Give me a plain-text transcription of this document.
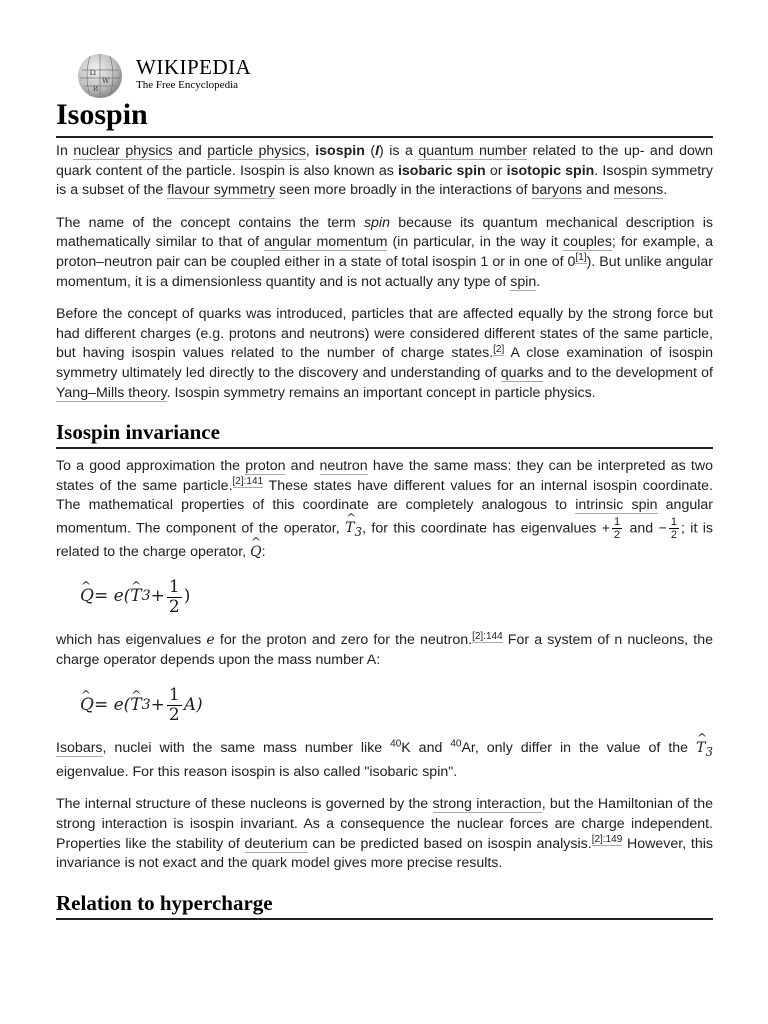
Ω
W
И
WIKIPEDIA
The Free Encyclopedia
Isospin

In nuclear physics and particle physics, isospin (I) is a quantum number related to the up- and down quark content of the particle. Isospin is also known as isobaric spin or isotopic spin. Isospin symmetry is a subset of the flavour symmetry seen more broadly in the interactions of baryons and mesons.

The name of the concept contains the term spin because its quantum mechanical description is mathematically similar to that of angular momentum (in particular, in the way it couples; for example, a proton–neutron pair can be coupled either in a state of total isospin 1 or in one of 0[1]). But unlike angular momentum, it is a dimensionless quantity and is not actually any type of spin.

Before the concept of quarks was introduced, particles that are affected equally by the strong force but had different charges (e.g. protons and neutrons) were considered different states of the same particle, but having isospin values related to the number of charge states.[2] A close examination of isospin symmetry ultimately led directly to the discovery and understanding of quarks and to the development of Yang–Mills theory. Isospin symmetry remains an important concept in particle physics.

Isospin invariance

To a good approximation the proton and neutron have the same mass: they can be interpreted as two states of the same particle.$^{[2]:141}$ These states have different values for an internal isospin coordinate. The mathematical properties of this coordinate are completely analogous to intrinsic spin angular momentum. The component of the operator, ^ $T_3$, for this coordinate has eigenvalues + $\frac{1}{2}$ and − $\frac{1}{2}$ ; it is related to the charge operator, ^ Q:

^ Q = e( ^ T $3 + \frac{1}{2}$ )

which has eigenvalues e for the proton and zero for the neutron.$^{[2]:144}$ For a system of n nucleons, the charge operator depends upon the mass number A:

^ Q = e( ^ T $3 + \frac{1}{2} A$)

Isobars, nuclei with the same mass number like $^{40}$K and $^{40}$Ar, only differ in the value of the ^ $T_3$ eigenvalue. For this reason isospin is also called "isobaric spin".

The internal structure of these nucleons is governed by the strong interaction, but the Hamiltonian of the strong interaction is isospin invariant. As a consequence the nuclear forces are charge independent. Properties like the stability of deuterium can be predicted based on isospin analysis.$^{[2]:149}$ However, this invariance is not exact and the quark model gives more precise results.

Relation to hypercharge
